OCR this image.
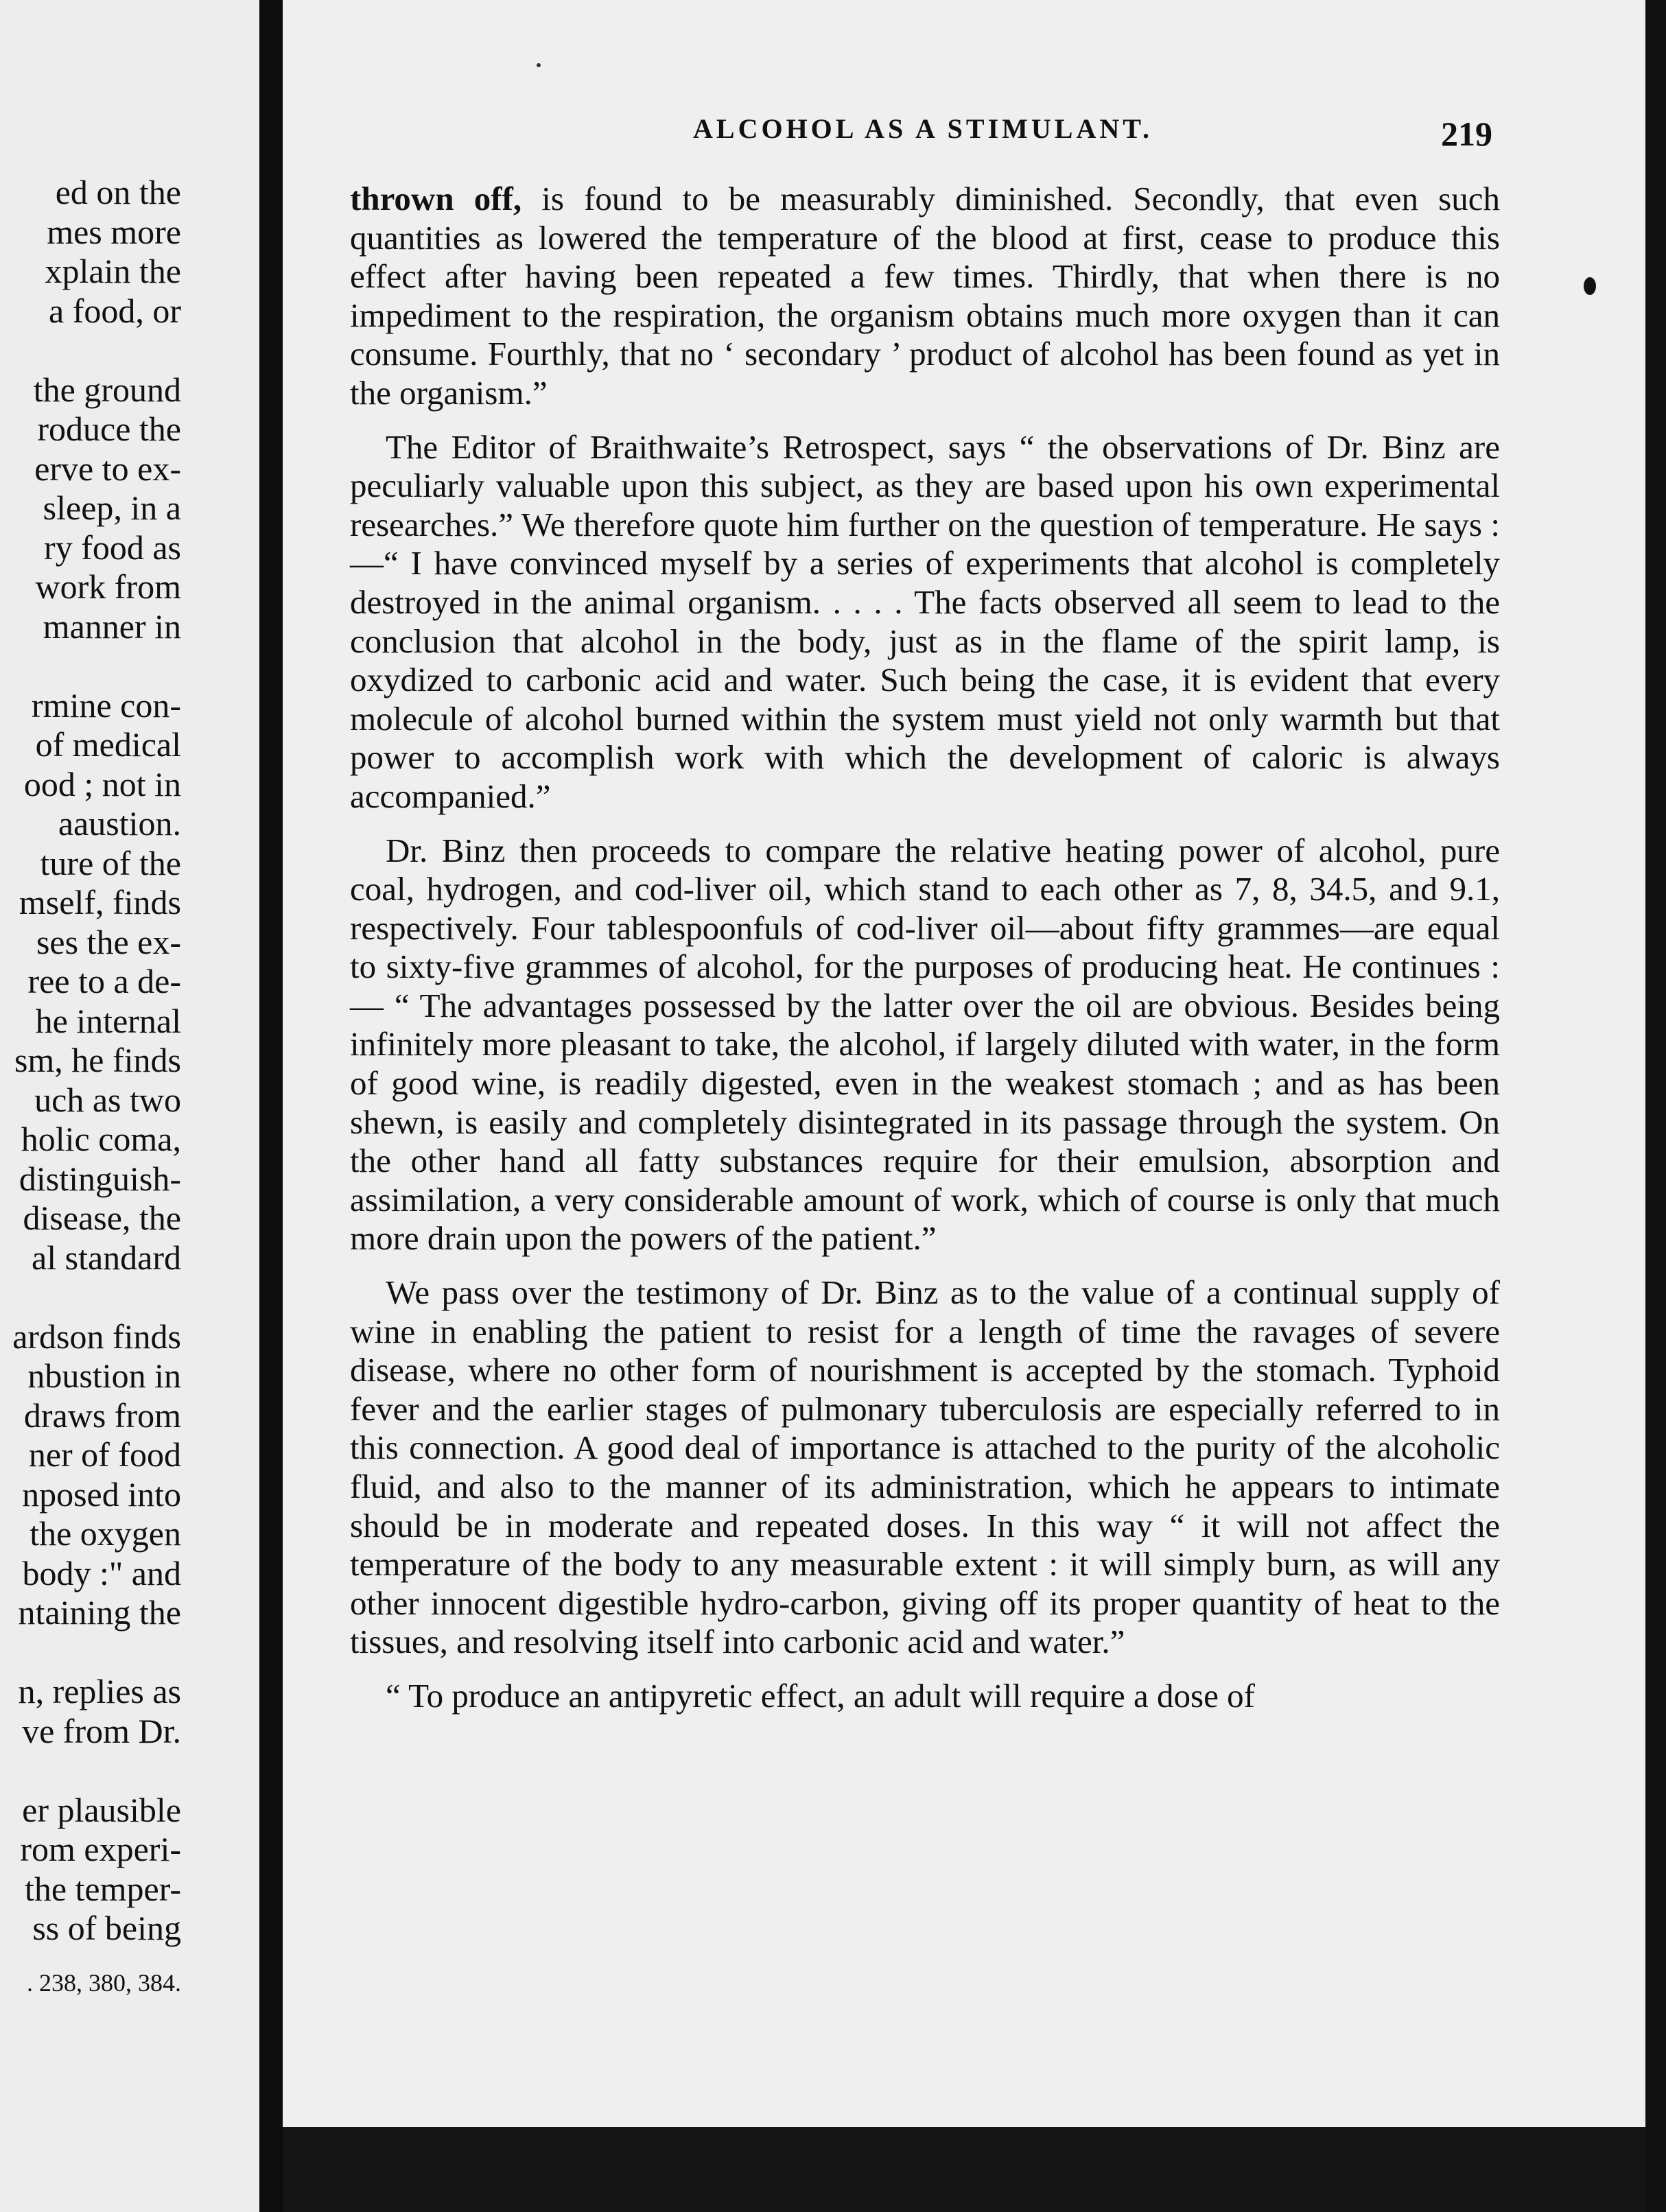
ed on the
mes more
xplain the
a food, or
the ground
roduce the
erve to ex-
sleep, in a
ry food as
work from
manner in
rmine con-
of medical
ood ; not in
aaustion.
ture of the
mself, finds
ses the ex-
ree to a de-
he internal
sm, he finds
uch as two
holic coma,
distinguish-
disease, the
al standard
ardson finds
nbustion in
draws from
ner of food
nposed into
the oxygen
body :" and
ntaining the
n, replies as
ve from Dr.
er plausible
rom experi-
the temper-
ss of being
. 238, 380, 384.
ALCOHOL AS A STIMULANT.	219

thrown off, is found to be measurably diminished. Secondly, that even such quantities as lowered the temperature of the blood at first, cease to produce this effect after having been repeated a few times. Thirdly, that when there is no impediment to the respiration, the organism obtains much more oxygen than it can consume. Fourthly, that no ‘ secondary ’ product of alcohol has been found as yet in the organism.”

The Editor of Braithwaite’s Retrospect, says “ the observations of Dr. Binz are peculiarly valuable upon this subject, as they are based upon his own experimental researches.” We therefore quote him further on the question of temperature. He says :—“ I have convinced myself by a series of experiments that alcohol is completely destroyed in the animal organism. . . . . The facts observed all seem to lead to the conclusion that alcohol in the body, just as in the flame of the spirit lamp, is oxydized to carbonic acid and water. Such being the case, it is evident that every molecule of alcohol burned within the system must yield not only warmth but that power to accomplish work with which the development of caloric is always accompanied.”

Dr. Binz then proceeds to compare the relative heating power of alcohol, pure coal, hydrogen, and cod-liver oil, which stand to each other as 7, 8, 34.5, and 9.1, respectively. Four tablespoonfuls of cod-liver oil—about fifty grammes—are equal to sixty-five grammes of alcohol, for the purposes of producing heat. He continues :— “ The advantages possessed by the latter over the oil are obvious. Besides being infinitely more pleasant to take, the alcohol, if largely diluted with water, in the form of good wine, is readily digested, even in the weakest stomach ; and as has been shewn, is easily and completely disintegrated in its passage through the system. On the other hand all fatty substances require for their emulsion, absorption and assimilation, a very considerable amount of work, which of course is only that much more drain upon the powers of the patient.”

We pass over the testimony of Dr. Binz as to the value of a continual supply of wine in enabling the patient to resist for a length of time the ravages of severe disease, where no other form of nourishment is accepted by the stomach. Typhoid fever and the earlier stages of pulmonary tuberculosis are especially referred to in this connection. A good deal of importance is attached to the purity of the alcoholic fluid, and also to the manner of its administration, which he appears to intimate should be in moderate and repeated doses. In this way “ it will not affect the temperature of the body to any measurable extent : it will simply burn, as will any other innocent digestible hydro-carbon, giving off its proper quantity of heat to the tissues, and resolving itself into carbonic acid and water.”

“ To produce an antipyretic effect, an adult will require a dose of
